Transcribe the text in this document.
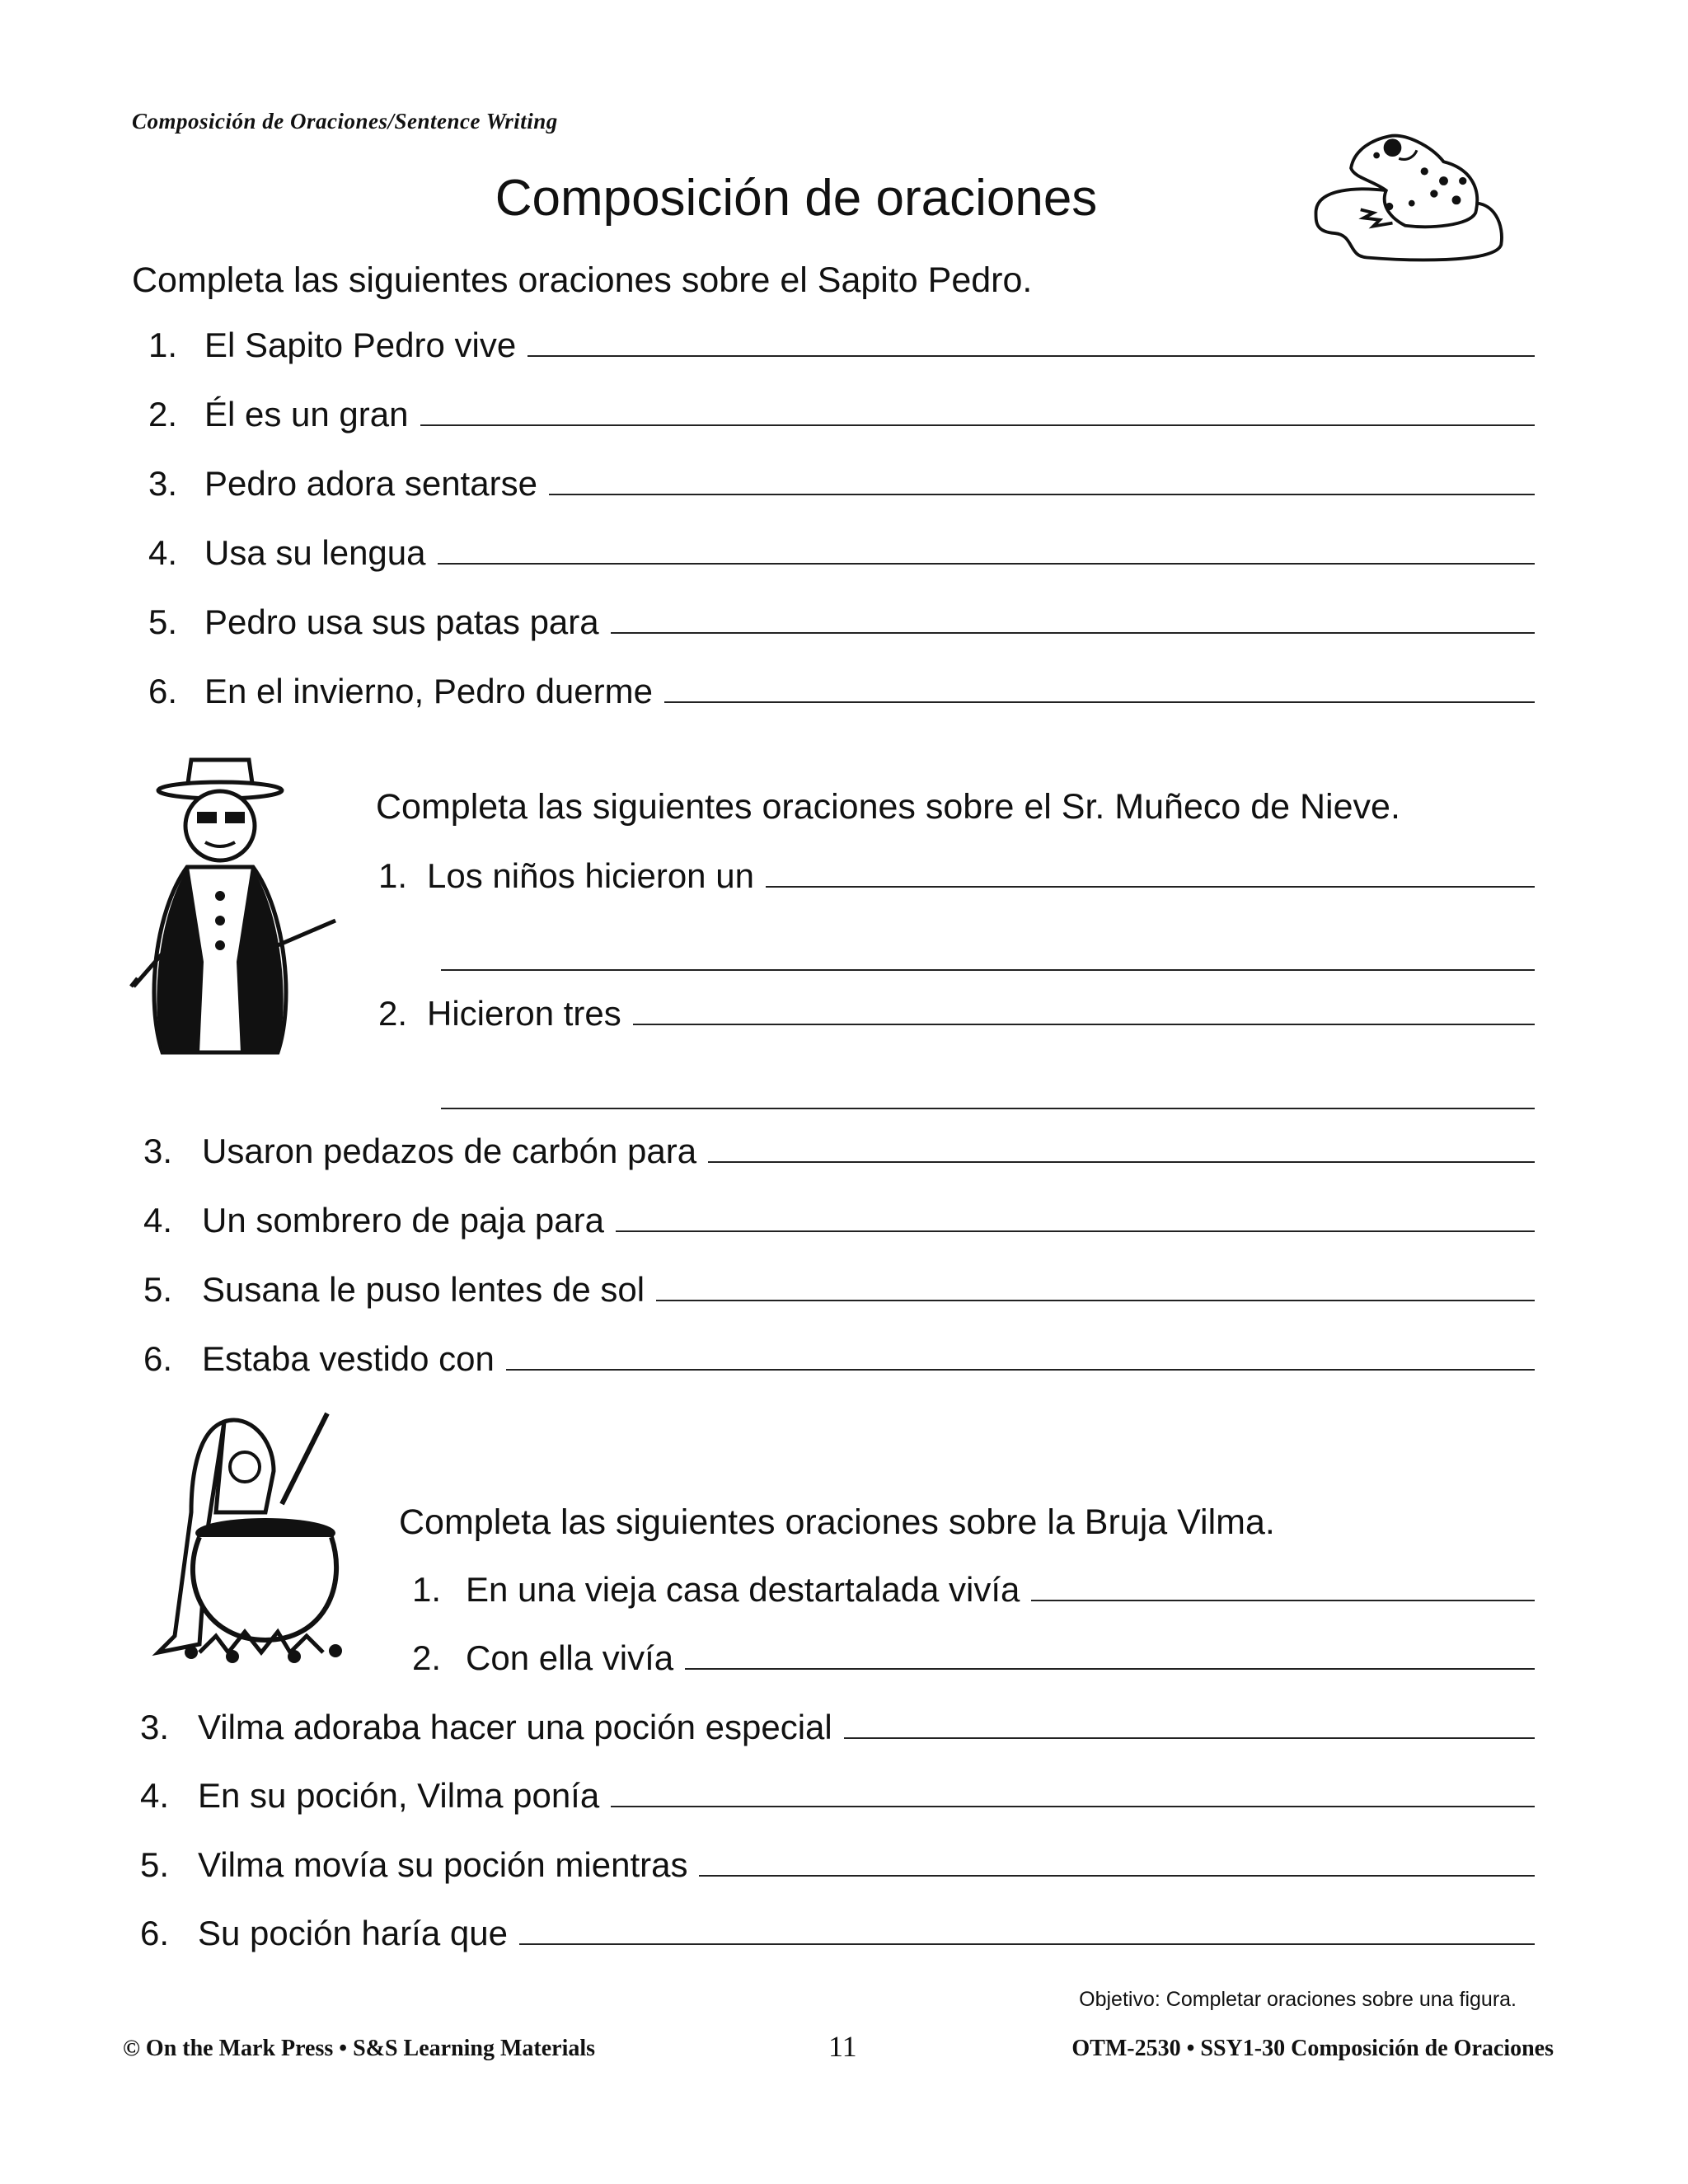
Composición de Oraciones/Sentence Writing
Composición de oraciones
Completa las siguientes oraciones sobre el Sapito Pedro.
Completa las siguientes oraciones sobre el Sr. Muñeco de Nieve.
Completa las siguientes oraciones sobre la Bruja Vilma.
1. El Sapito Pedro vive
2. Él es un gran
3. Pedro adora sentarse
4. Usa su lengua
5. Pedro usa sus patas para
6. En el invierno, Pedro duerme
1. Los niños hicieron un
2. Hicieron tres
3. Usaron pedazos de carbón para
4. Un sombrero de paja para
5. Susana le puso lentes de sol
6. Estaba vestido con
1. En una vieja casa destartalada vivía
2. Con ella vivía
3. Vilma adoraba hacer una poción especial
4. En su poción, Vilma ponía
5. Vilma movía su poción mientras
6. Su poción haría que
Objetivo: Completar oraciones sobre una figura.
© On the Mark Press • S&S Learning Materials	11	OTM-2530 • SSY1-30 Composición de Oraciones
